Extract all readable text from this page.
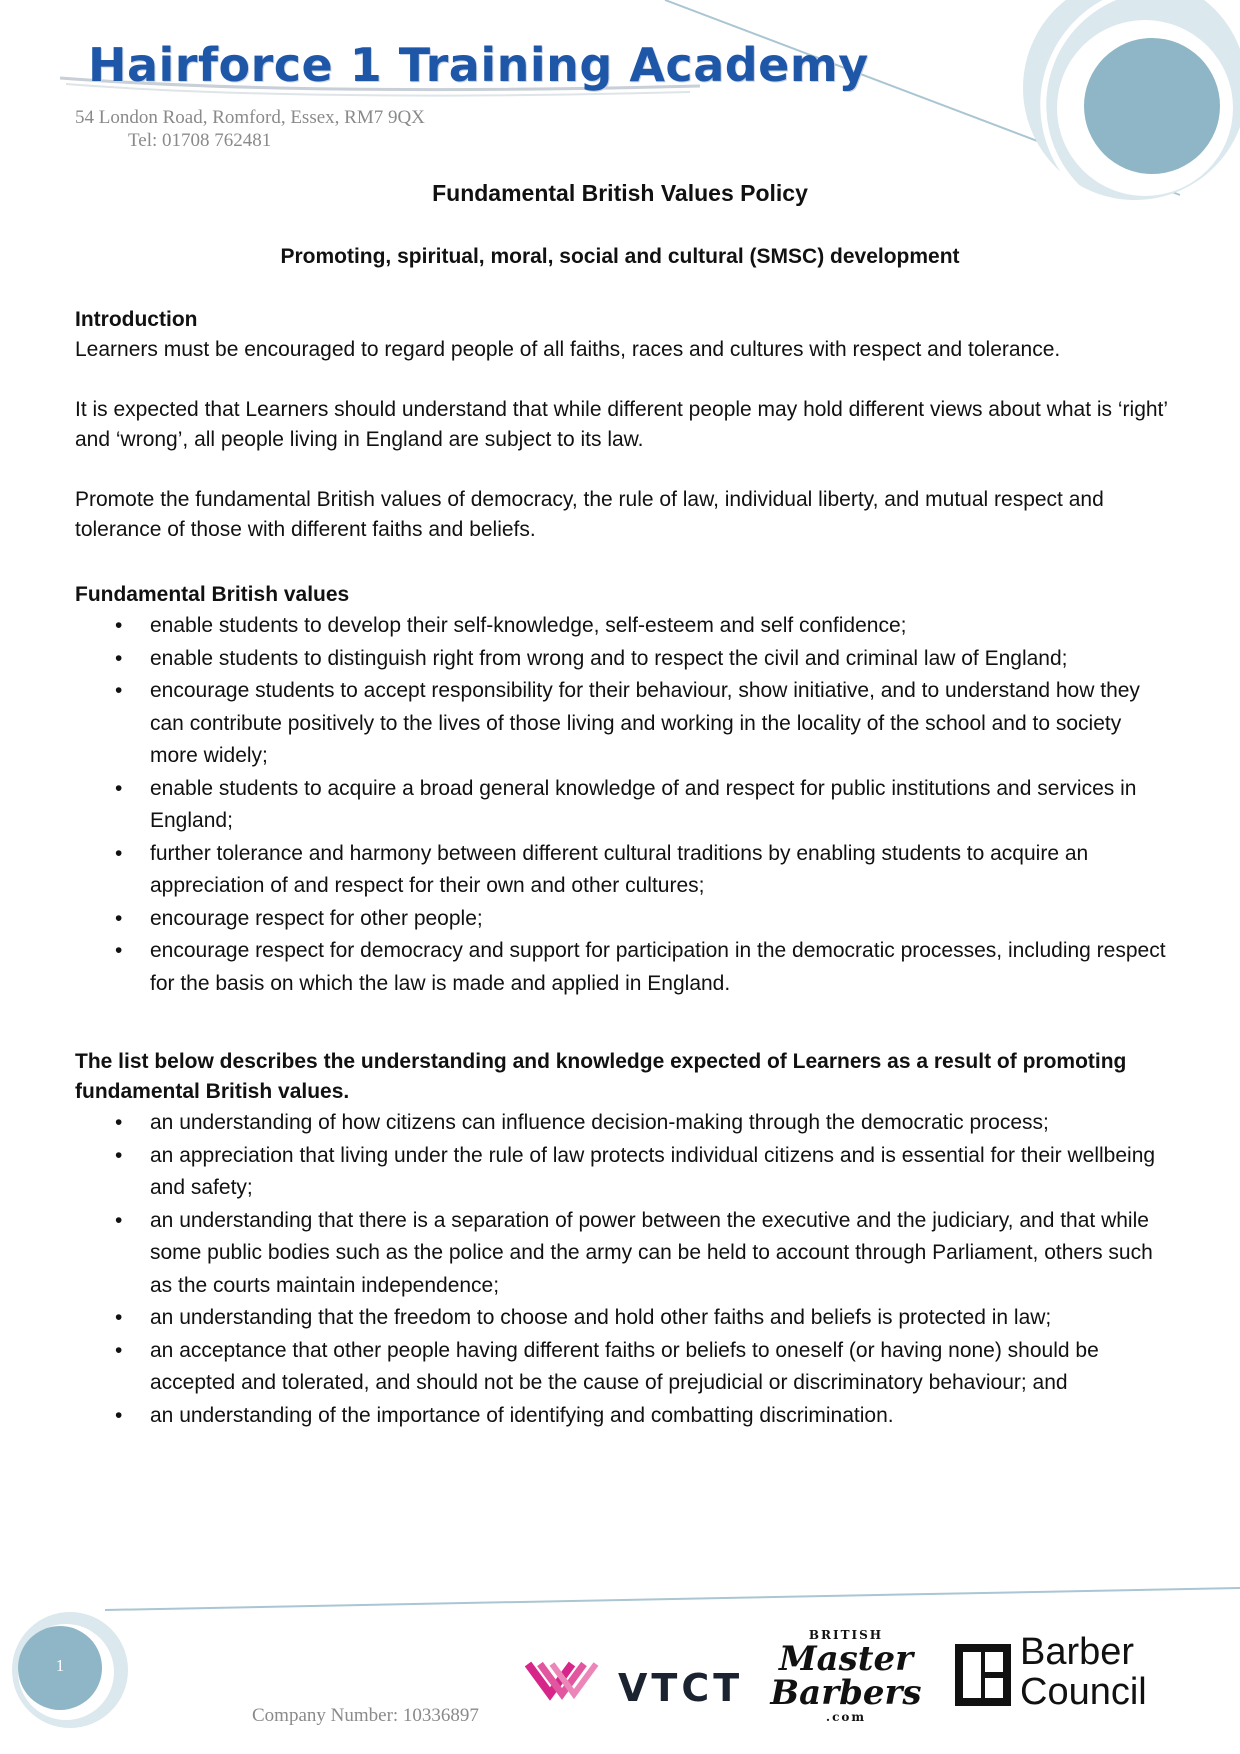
Hairforce 1 Training Academy
54 London Road, Romford, Essex, RM7 9QX
Tel: 01708 762481
Fundamental British Values Policy
Promoting, spiritual, moral, social and cultural (SMSC) development
Introduction

Learners must be encouraged to regard people of all faiths, races and cultures with respect and tolerance.

It is expected that Learners should understand that while different people may hold different views about what is ‘right’ and ‘wrong’, all people living in England are subject to its law.

Promote the fundamental British values of democracy, the rule of law, individual liberty, and mutual respect and tolerance of those with different faiths and beliefs.

Fundamental British values
• enable students to develop their self-knowledge, self-esteem and self confidence;
• enable students to distinguish right from wrong and to respect the civil and criminal law of England;
• encourage students to accept responsibility for their behaviour, show initiative, and to understand how they can contribute positively to the lives of those living and working in the locality of the school and to society more widely;
• enable students to acquire a broad general knowledge of and respect for public institutions and services in England;
• further tolerance and harmony between different cultural traditions by enabling students to acquire an appreciation of and respect for their own and other cultures;
• encourage respect for other people;
• encourage respect for democracy and support for participation in the democratic processes, including respect for the basis on which the law is made and applied in England.
The list below describes the understanding and knowledge expected of Learners as a result of promoting fundamental British values.
• an understanding of how citizens can influence decision-making through the democratic process;
• an appreciation that living under the rule of law protects individual citizens and is essential for their wellbeing and safety;
• an understanding that there is a separation of power between the executive and the judiciary, and that while some public bodies such as the police and the army can be held to account through Parliament, others such as the courts maintain independence;
• an understanding that the freedom to choose and hold other faiths and beliefs is protected in law;
• an acceptance that other people having different faiths or beliefs to oneself (or having none) should be accepted and tolerated, and should not be the cause of prejudicial or discriminatory behaviour; and
• an understanding of the importance of identifying and combatting discrimination.
1
Company Number: 10336897
VTCT
BRITISH
Master
Barbers
.com
Barber
Council
